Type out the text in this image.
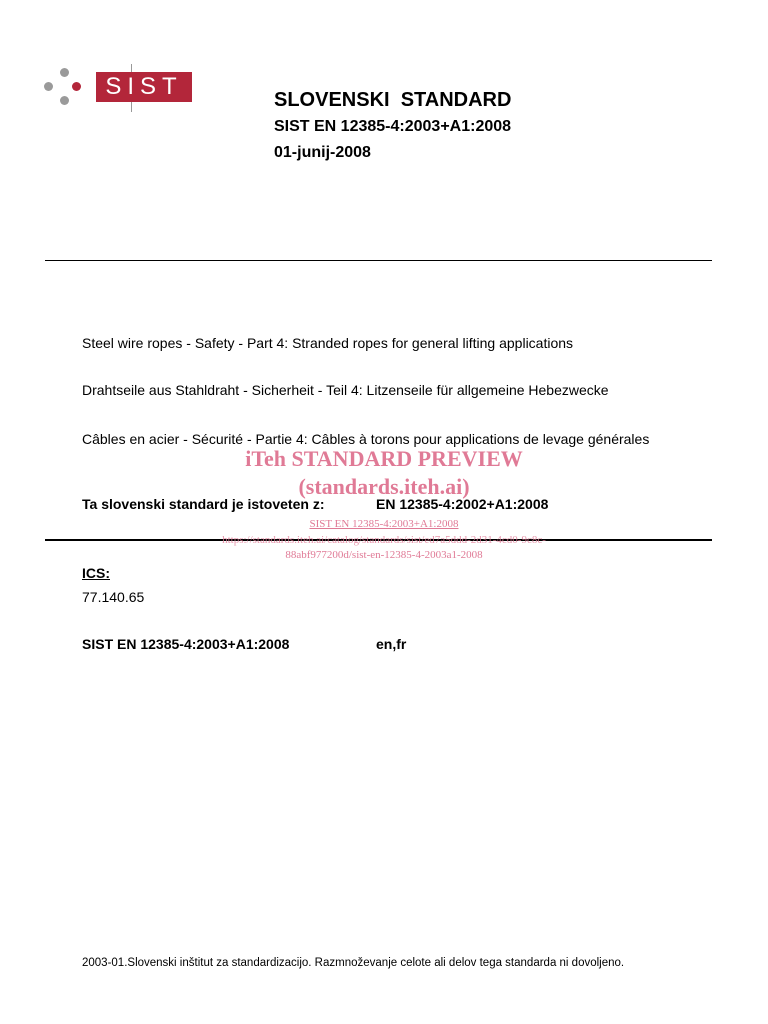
SIST	SLOVENSKI  STANDARD
SIST EN 12385-4:2003+A1:2008
01-junij-2008
Steel wire ropes - Safety - Part 4: Stranded ropes for general lifting applications
Drahtseile aus Stahldraht - Sicherheit - Teil 4: Litzenseile für allgemeine Hebezwecke
Câbles en acier - Sécurité - Partie 4: Câbles à torons pour applications de levage générales
Ta slovenski standard je istoveten z:	EN 12385-4:2002+A1:2008
ICS:
77.140.65
SIST EN 12385-4:2003+A1:2008	en,fr
iTeh STANDARD PREVIEW
(standards.iteh.ai)
SIST EN 12385-4:2003+A1:2008
https://standards.iteh.ai/catalog/standards/sist/ed7a5ddd-2d31-4cd0-9c8c-
88abf977200d/sist-en-12385-4-2003a1-2008
2003-01.Slovenski inštitut za standardizacijo. Razmnoževanje celote ali delov tega standarda ni dovoljeno.
